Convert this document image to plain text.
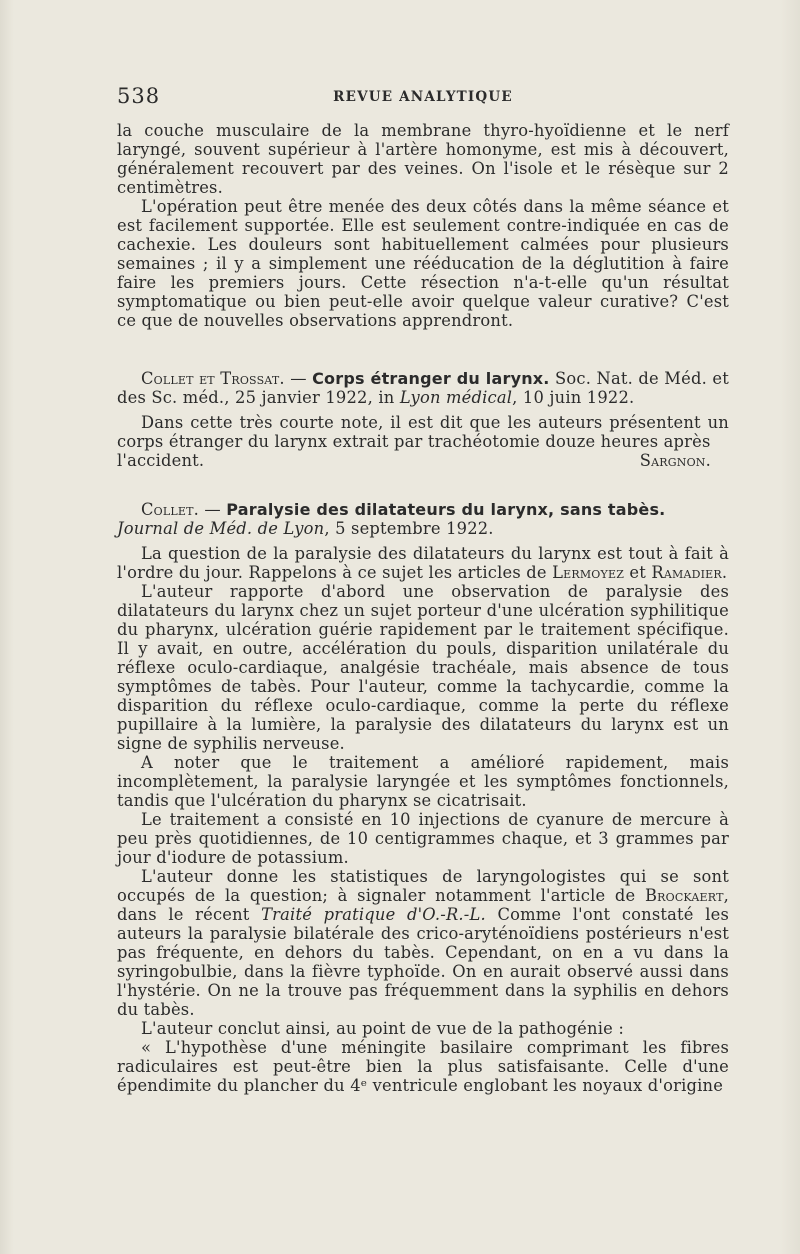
538	REVUE ANALYTIQUE

la couche musculaire de la membrane thyro-hyoïdienne et le nerf laryngé, souvent supérieur à l'artère homonyme, est mis à découvert, généralement recouvert par des veines. On l'isole et le résèque sur 2 centimètres.

L'opération peut être menée des deux côtés dans la même séance et est facilement supportée. Elle est seulement contre-indiquée en cas de cachexie. Les douleurs sont habituellement calmées pour plusieurs semaines ; il y a simplement une rééducation de la déglutition à faire faire les premiers jours. Cette résection n'a-t-elle qu'un résultat symptomatique ou bien peut-elle avoir quelque valeur curative? C'est ce que de nouvelles observations apprendront.

Collet et Trossat. — Corps étranger du larynx. Soc. Nat. de Méd. et des Sc. méd., 25 janvier 1922, in Lyon médical, 10 juin 1922.

Dans cette très courte note, il est dit que les auteurs présentent un corps étranger du larynx extrait par trachéotomie douze heures après

l'accident.	Sargnon.

Collet. — Paralysie des dilatateurs du larynx, sans tabès.
Journal de Méd. de Lyon, 5 septembre 1922.

La question de la paralysie des dilatateurs du larynx est tout à fait à l'ordre du jour. Rappelons à ce sujet les articles de Lermoyez et Ramadier.

L'auteur rapporte d'abord une observation de paralysie des dilatateurs du larynx chez un sujet porteur d'une ulcération syphilitique du pharynx, ulcération guérie rapidement par le traitement spécifique. Il y avait, en outre, accélération du pouls, disparition unilatérale du réflexe oculo-cardiaque, analgésie trachéale, mais absence de tous symptômes de tabès. Pour l'auteur, comme la tachycardie, comme la disparition du réflexe oculo-cardiaque, comme la perte du réflexe pupillaire à la lumière, la paralysie des dilatateurs du larynx est un signe de syphilis nerveuse.

A noter que le traitement a amélioré rapidement, mais incomplètement, la paralysie laryngée et les symptômes fonctionnels, tandis que l'ulcération du pharynx se cicatrisait.

Le traitement a consisté en 10 injections de cyanure de mercure à peu près quotidiennes, de 10 centigrammes chaque, et 3 grammes par jour d'iodure de potassium.

L'auteur donne les statistiques de laryngologistes qui se sont occupés de la question; à signaler notamment l'article de Brockaert, dans le récent Traité pratique d'O.-R.-L. Comme l'ont constaté les auteurs la paralysie bilatérale des crico-aryténoïdiens postérieurs n'est pas fréquente, en dehors du tabès. Cependant, on en a vu dans la syringobulbie, dans la fièvre typhoïde. On en aurait observé aussi dans l'hystérie. On ne la trouve pas fréquemment dans la syphilis en dehors du tabès.

L'auteur conclut ainsi, au point de vue de la pathogénie :

« L'hypothèse d'une méningite basilaire comprimant les fibres radiculaires est peut-être bien la plus satisfaisante. Celle d'une épendimite du plancher du 4ᵉ ventricule englobant les noyaux d'origine
